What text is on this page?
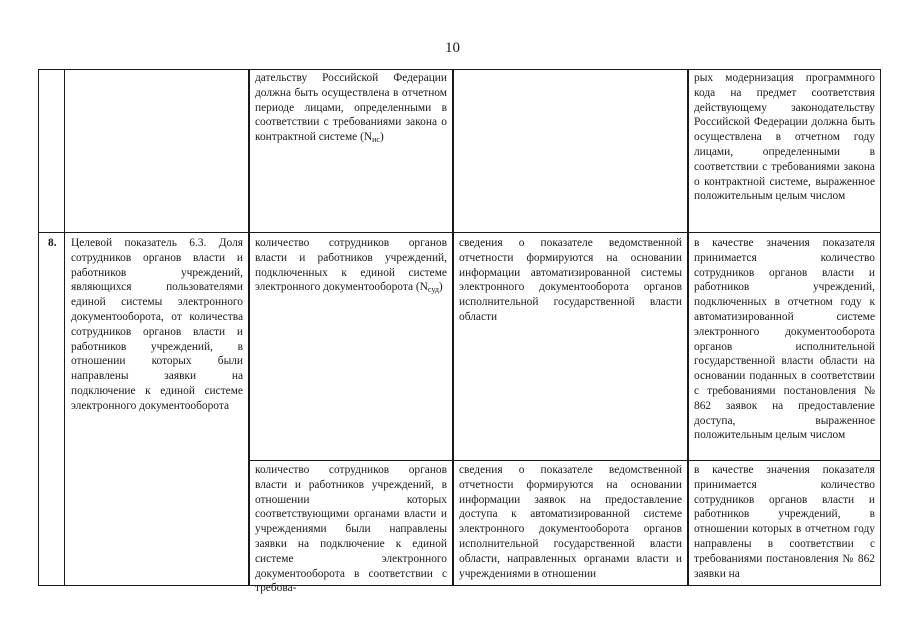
10
дательству Российской Федерации должна быть осуществлена в отчетном периоде лицами, определенными в соответствии с требованиями закона о контрактной системе $(N_{ис})$
рых модернизация программного кода на предмет соответствия действующему законодательству Российской Федерации должна быть осуществлена в отчетном году лицами, определенными в соответствии с требованиями закона о контрактной системе, выраженное положительным целым числом
8.	Целевой показатель 6.3. Доля сотрудников органов власти и работников учреждений, являющихся пользователями единой системы электронного документооборота, от количества сотрудников органов власти и работников учреждений, в отношении которых были направлены заявки на подключение к единой системе электронного документооборота
количество сотрудников органов власти и работников учреждений, подключенных к единой системе электронного документооборота $(N_{суд})$
сведения о показателе ведомственной отчетности формируются на основании информации автоматизированной системы электронного документооборота органов исполнительной государственной власти области
в качестве значения показателя принимается количество сотрудников органов власти и работников учреждений, подключенных в отчетном году к автоматизированной системе электронного документооборота органов исполнительной государственной власти области на основании поданных в соответствии с требованиями постановления № 862 заявок на предоставление доступа, выраженное положительным целым числом
количество сотрудников органов власти и работников учреждений, в отношении которых соответствующими органами власти и учреждениями были направлены заявки на подключение к единой системе электронного документооборота в соответствии с требова-
сведения о показателе ведомственной отчетности формируются на основании информации заявок на предоставление доступа к автоматизированной системе электронного документооборота органов исполнительной государственной власти области, направленных органами власти и учреждениями в отношении
в качестве значения показателя принимается количество сотрудников органов власти и работников учреждений, в отношении которых в отчетном году направлены в соответствии с требованиями постановления № 862 заявки на
